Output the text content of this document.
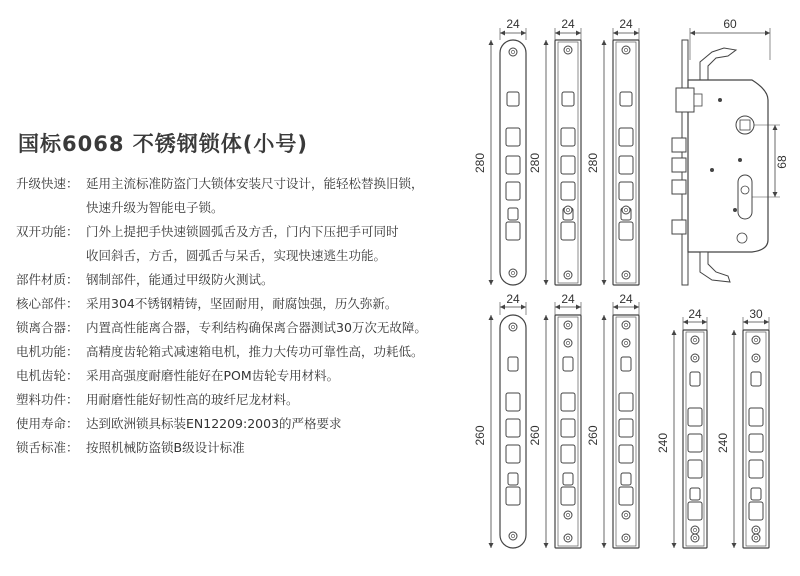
国标6068 不锈钢锁体(小号)
升级快速： 延用主流标准防盗门大锁体安装尺寸设计，能轻松替换旧锁，
快速升级为智能电子锁。
双开功能： 门外上提把手快速锁圆弧舌及方舌，门内下压把手可同时
收回斜舌，方舌，圆弧舌与呆舌，实现快速逃生功能。
部件材质： 钢制部件，能通过甲级防火测试。
核心部件： 采用304不锈钢精铸，坚固耐用，耐腐蚀强，历久弥新。
锁离合器： 内置高性能离合器，专利结构确保离合器测试30万次无故障。
电机功能： 高精度齿轮箱式减速箱电机，推力大传功可靠性高，功耗低。
电机齿轮： 采用高强度耐磨性能好在POM齿轮专用材料。
塑料功件： 用耐磨性能好韧性高的玻纤尼龙材料。
使用寿命： 达到欧洲锁具标装EN12209:2003的严格要求
锁舌标准： 按照机械防盗锁B级设计标准
24
280
24
280
24
280
60
68
24
260
24
260
24
260
24
240
30
240
